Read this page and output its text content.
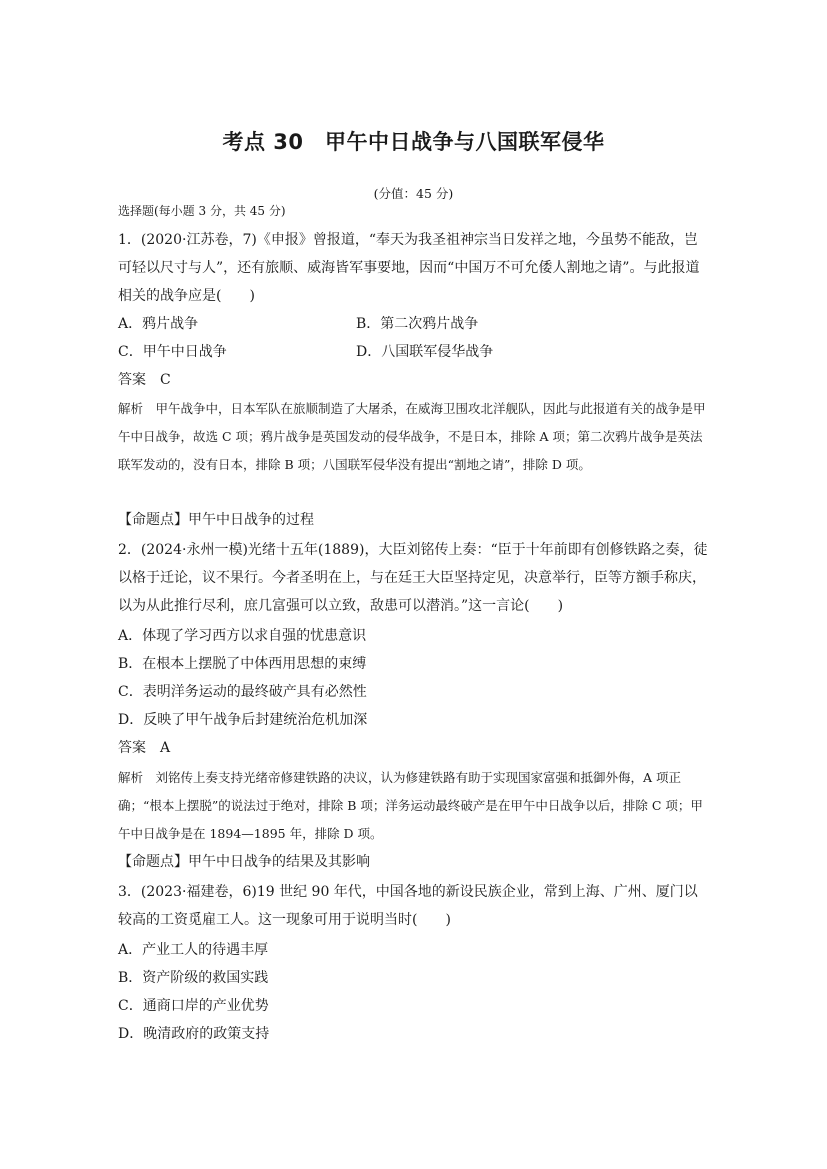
考点 30　甲午中日战争与八国联军侵华
(分值：45 分)
选择题(每小题 3 分，共 45 分)
1．(2020·江苏卷，7)《申报》曾报道，“奉天为我圣祖神宗当日发祥之地，今虽势不能敌，岂可轻以尺寸与人”，还有旅顺、威海皆军事要地，因而“中国万不可允倭人割地之请”。与此报道相关的战争应是(　　)
A．鸦片战争	B．第二次鸦片战争
C．甲午中日战争	D．八国联军侵华战争
答案　C
解析　甲午战争中，日本军队在旅顺制造了大屠杀，在威海卫围攻北洋舰队，因此与此报道有关的战争是甲午中日战争，故选 C 项；鸦片战争是英国发动的侵华战争，不是日本，排除 A 项；第二次鸦片战争是英法联军发动的，没有日本，排除 B 项；八国联军侵华没有提出“割地之请”，排除 D 项。
【命题点】甲午中日战争的过程
2．(2024·永州一模)光绪十五年(1889)，大臣刘铭传上奏：“臣于十年前即有创修铁路之奏，徒以格于迁论，议不果行。今者圣明在上，与在廷王大臣坚持定见，决意举行，臣等方额手称庆，以为从此推行尽利，庶几富强可以立致，敌患可以潜消。”这一言论(　　)
A．体现了学习西方以求自强的忧患意识
B．在根本上摆脱了中体西用思想的束缚
C．表明洋务运动的最终破产具有必然性
D．反映了甲午战争后封建统治危机加深
答案　A
解析　刘铭传上奏支持光绪帝修建铁路的决议，认为修建铁路有助于实现国家富强和抵御外侮，A 项正确；“根本上摆脱”的说法过于绝对，排除 B 项；洋务运动最终破产是在甲午中日战争以后，排除 C 项；甲午中日战争是在 1894—1895 年，排除 D 项。
【命题点】甲午中日战争的结果及其影响
3．(2023·福建卷，6)19 世纪 90 年代，中国各地的新设民族企业，常到上海、广州、厦门以较高的工资觅雇工人。这一现象可用于说明当时(　　)
A．产业工人的待遇丰厚
B．资产阶级的救国实践
C．通商口岸的产业优势
D．晚清政府的政策支持
